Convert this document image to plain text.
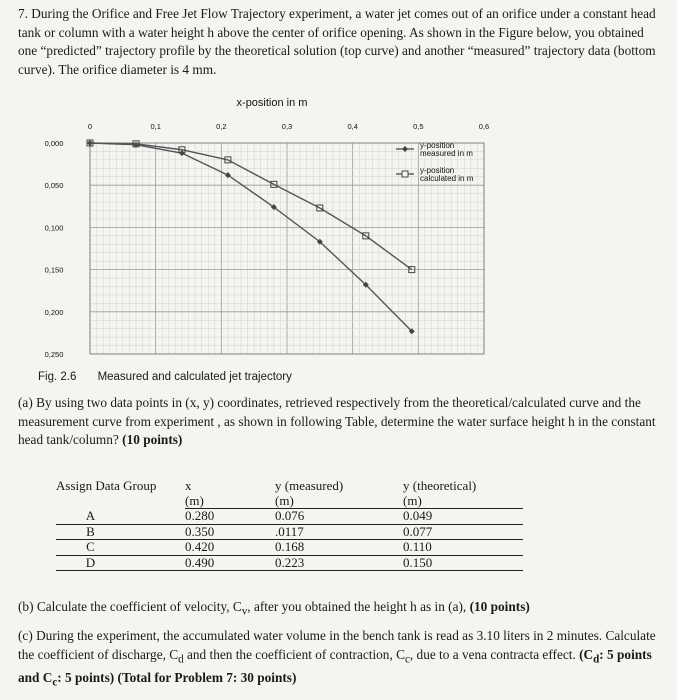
7. During the Orifice and Free Jet Flow Trajectory experiment, a water jet comes out of an orifice under a constant head tank or column with a water height h above the center of orifice opening. As shown in the Figure below, you obtained one “predicted” trajectory profile by the theoretical solution (top curve) and another “measured” trajectory data (bottom curve). The orifice diameter is 4 mm.

x-position in m
0	0,1	0,2	0,3	0,4	0,5	0,6
0,000
0,050
0,100
0,150
0,200
0,250
y-position
measured in m
y-position
calculated in m
Fig. 2.6 Measured and calculated jet trajectory

(a) By using two data points in (x, y) coordinates, retrieved respectively from the theoretical/calculated curve and the measurement curve from experiment , as shown in following Table, determine the water surface height h in the constant head tank/column? (10 points)

Assign Data Group	x	y (measured)	y (theoretical)
	(m)	(m)	(m)
A	0.280	0.076	0.049
B	0.350	.0117	0.077
C	0.420	0.168	0.110
D	0.490	0.223	0.150

(b) Calculate the coefficient of velocity, $C_v$, after you obtained the height h as in (a), (10 points)

(c) During the experiment, the accumulated water volume in the bench tank is read as 3.10 liters in 2 minutes. Calculate the coefficient of discharge, $C_d$ and then the coefficient of contraction, $C_c$, due to a vena contracta effect. ($C_d$: 5 points and $C_c$: 5 points) (Total for Problem 7: 30 points)
